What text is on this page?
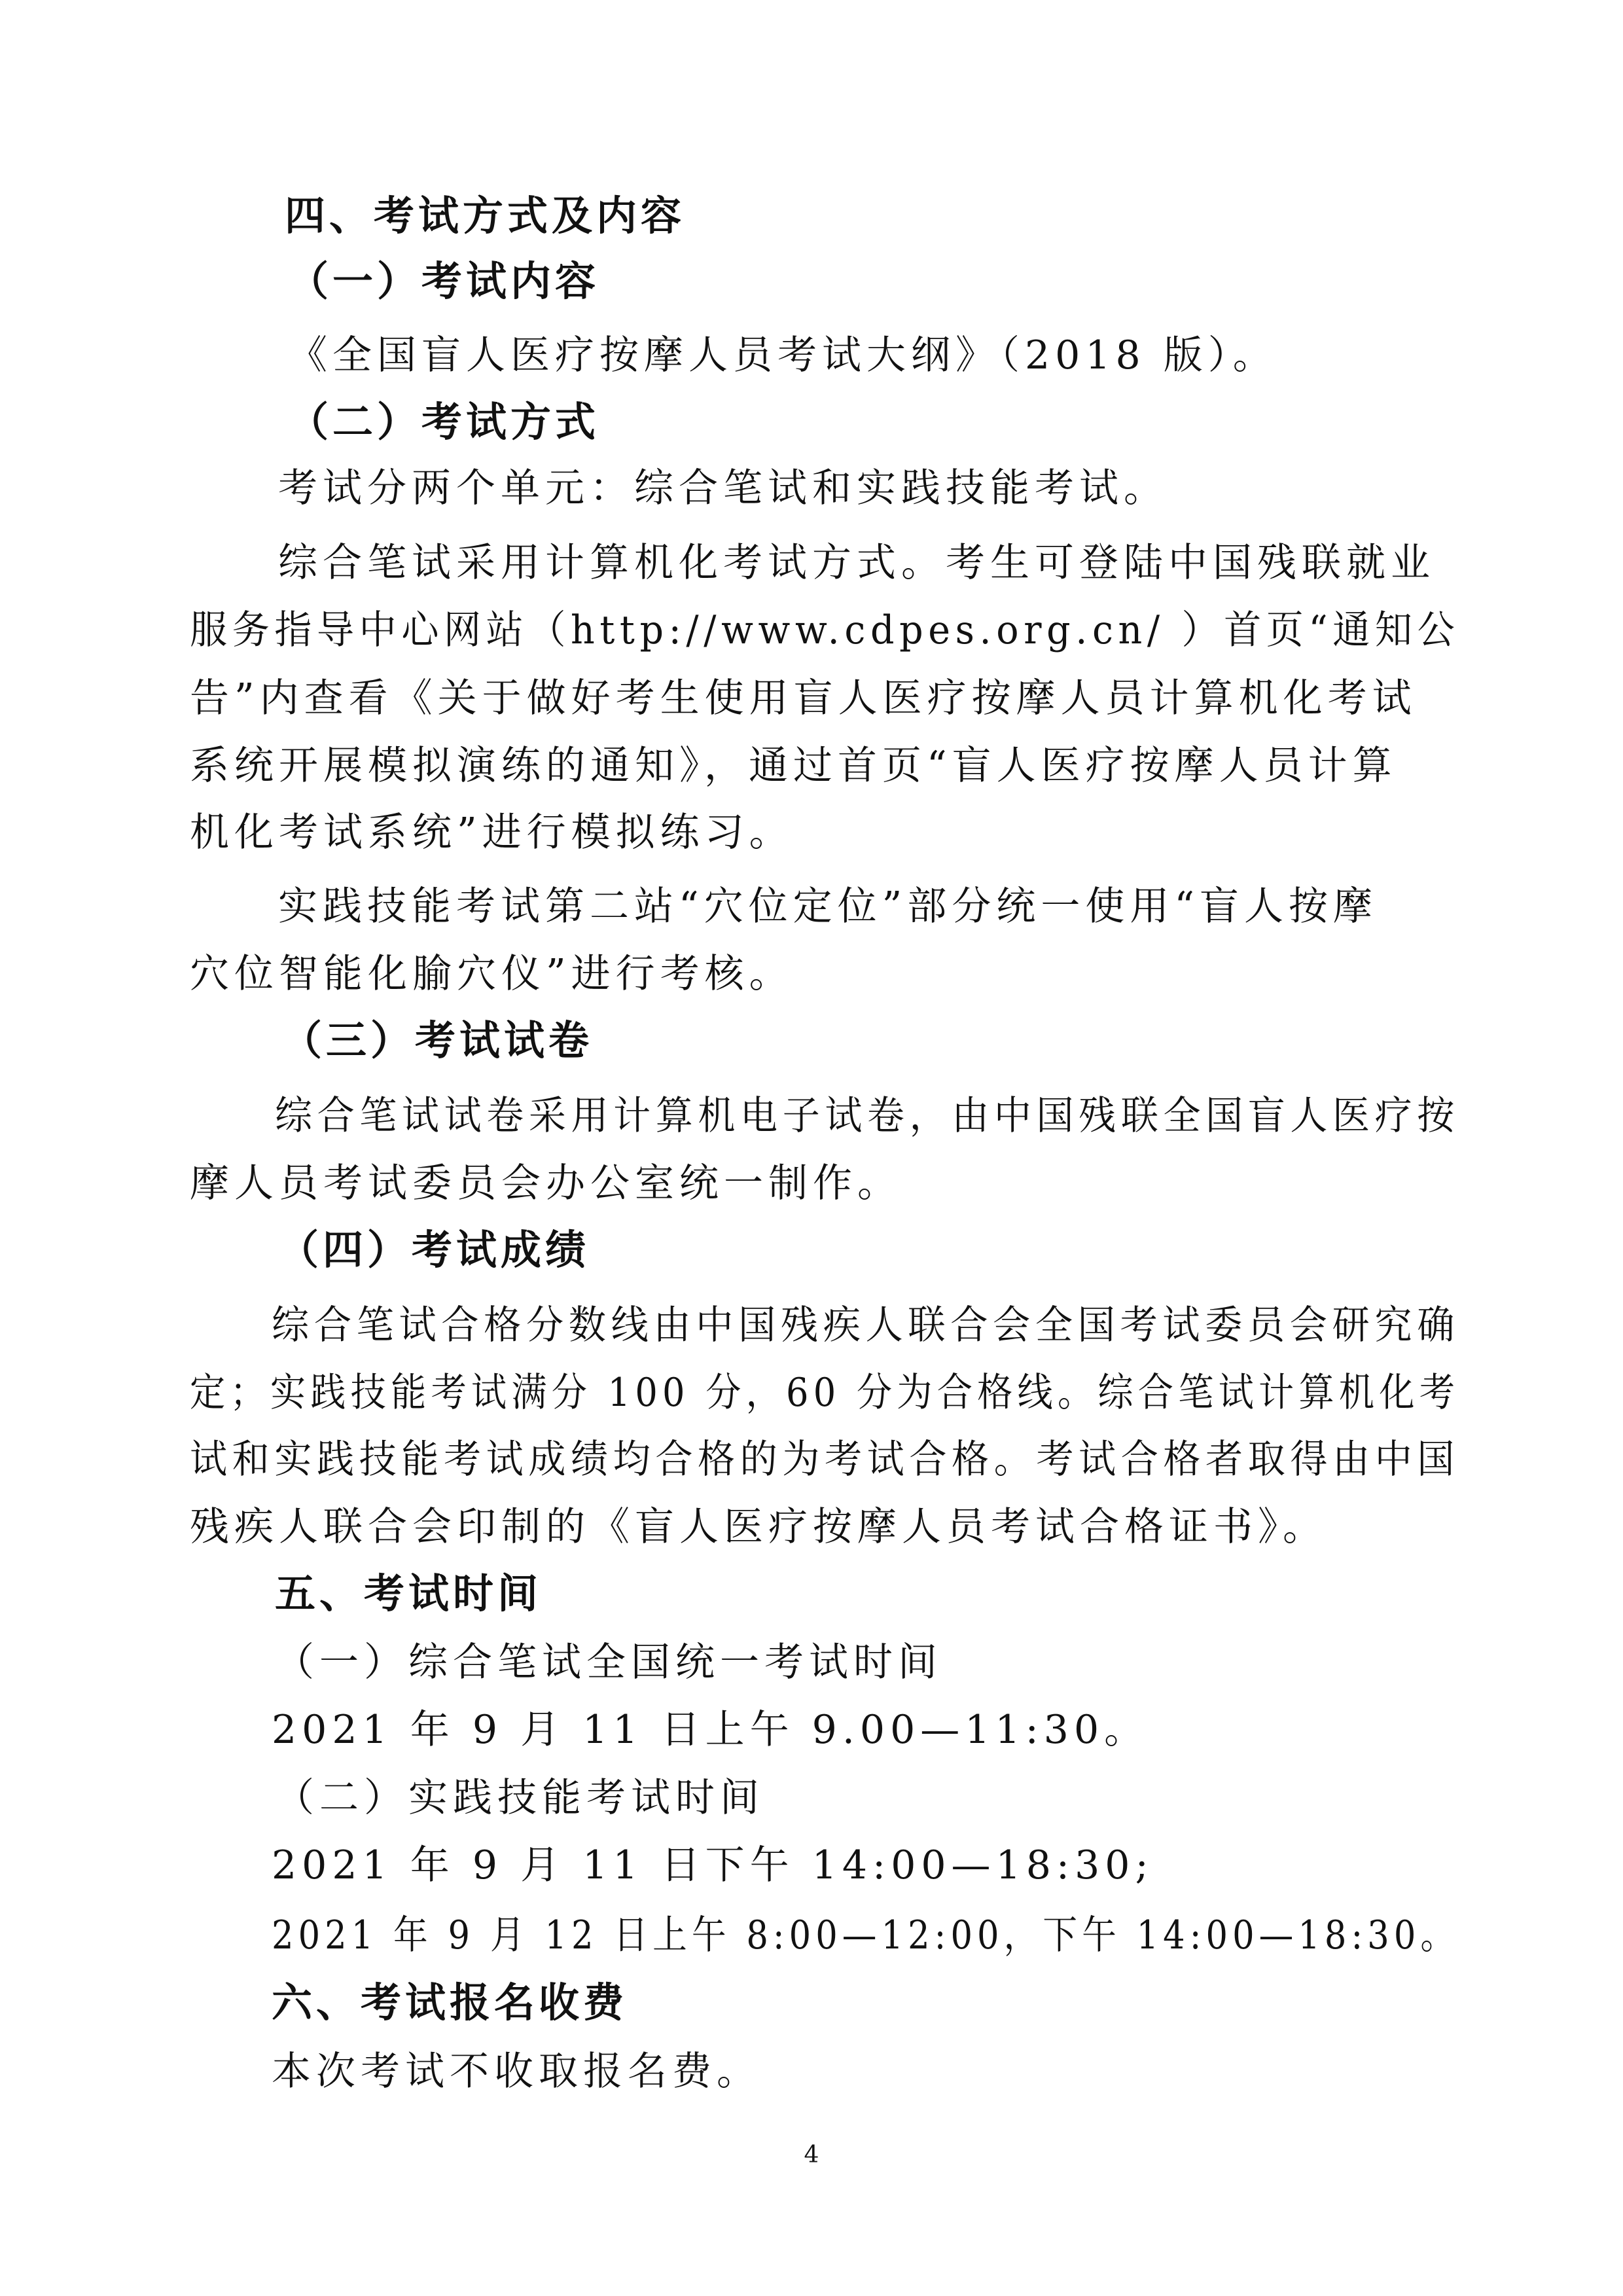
四、考试方式及内容
（一）考试内容
《全国盲人医疗按摩人员考试大纲》（2018 版）。
（二）考试方式
考试分两个单元：综合笔试和实践技能考试。
综合笔试采用计算机化考试方式。考生可登陆中国残联就业
服务指导中心网站（http://www.cdpes.org.cn/ ）首页“通知公
告”内查看《关于做好考生使用盲人医疗按摩人员计算机化考试
系统开展模拟演练的通知》，通过首页“盲人医疗按摩人员计算
机化考试系统”进行模拟练习。
实践技能考试第二站“穴位定位”部分统一使用“盲人按摩
穴位智能化腧穴仪”进行考核。
（三）考试试卷
综合笔试试卷采用计算机电子试卷，由中国残联全国盲人医疗按
摩人员考试委员会办公室统一制作。
（四）考试成绩
综合笔试合格分数线由中国残疾人联合会全国考试委员会研究确
定；实践技能考试满分 100 分，60 分为合格线。综合笔试计算机化考
试和实践技能考试成绩均合格的为考试合格。考试合格者取得由中国
残疾人联合会印制的《盲人医疗按摩人员考试合格证书》。
五、考试时间
（一）综合笔试全国统一考试时间
2021 年 9 月 11 日上午 9.00—11:30。
（二）实践技能考试时间
2021 年 9 月 11 日下午 14:00—18:30;
2021 年 9 月 12 日上午 8:00—12:00，下午 14:00—18:30。
六、考试报名收费
本次考试不收取报名费。
4
